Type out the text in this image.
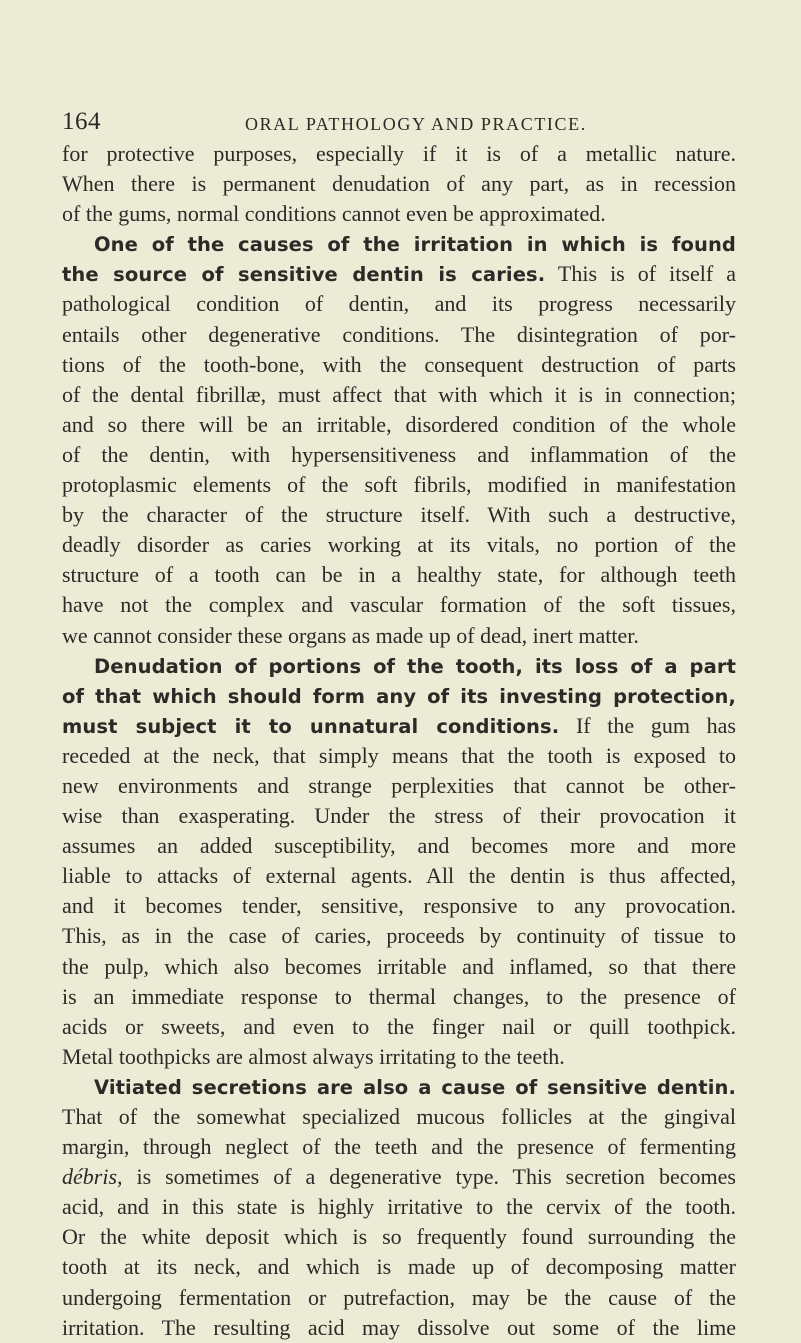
164	ORAL PATHOLOGY AND PRACTICE.
for protective purposes, especially if it is of a metallic nature.
When there is permanent denudation of any part, as in recession
of the gums, normal conditions cannot even be approximated.
One of the causes of the irritation in which is found
the source of sensitive dentin is caries. This is of itself a
pathological condition of dentin, and its progress necessarily
entails other degenerative conditions. The disintegration of por-
tions of the tooth-bone, with the consequent destruction of parts
of the dental fibrillæ, must affect that with which it is in connection;
and so there will be an irritable, disordered condition of the whole
of the dentin, with hypersensitiveness and inflammation of the
protoplasmic elements of the soft fibrils, modified in manifestation
by the character of the structure itself. With such a destructive,
deadly disorder as caries working at its vitals, no portion of the
structure of a tooth can be in a healthy state, for although teeth
have not the complex and vascular formation of the soft tissues,
we cannot consider these organs as made up of dead, inert matter.
Denudation of portions of the tooth, its loss of a part
of that which should form any of its investing protection,
must subject it to unnatural conditions. If the gum has
receded at the neck, that simply means that the tooth is exposed to
new environments and strange perplexities that cannot be other-
wise than exasperating. Under the stress of their provocation it
assumes an added susceptibility, and becomes more and more
liable to attacks of external agents. All the dentin is thus affected,
and it becomes tender, sensitive, responsive to any provocation.
This, as in the case of caries, proceeds by continuity of tissue to
the pulp, which also becomes irritable and inflamed, so that there
is an immediate response to thermal changes, to the presence of
acids or sweets, and even to the finger nail or quill toothpick.
Metal toothpicks are almost always irritating to the teeth.
Vitiated secretions are also a cause of sensitive dentin.
That of the somewhat specialized mucous follicles at the gingival
margin, through neglect of the teeth and the presence of fermenting
débris, is sometimes of a degenerative type. This secretion becomes
acid, and in this state is highly irritative to the cervix of the tooth.
Or the white deposit which is so frequently found surrounding the
tooth at its neck, and which is made up of decomposing matter
undergoing fermentation or putrefaction, may be the cause of the
irritation. The resulting acid may dissolve out some of the lime
